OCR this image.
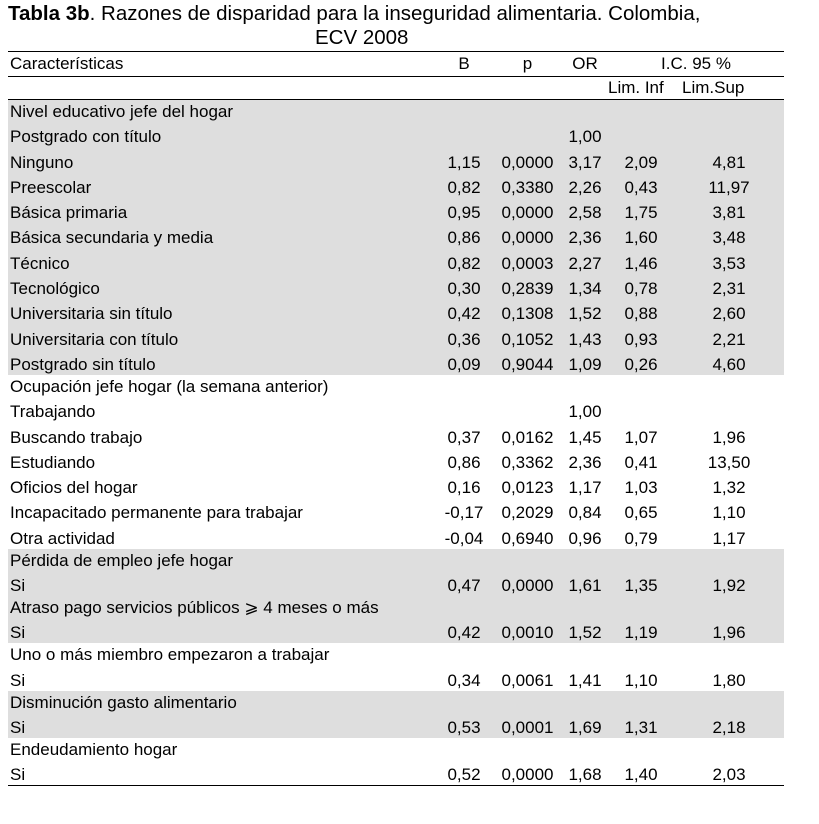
Tabla 3b. Razones de disparidad para la inseguridad alimentaria. Colombia,
ECV 2008
Características	B	p	OR	I.C. 95 %	
				Lim. Inf	Lim.Sup
Nivel educativo jefe del hogar					
Postgrado con título			1,00		
Ninguno	1,15	0,0000	3,17	2,09	4,81
Preescolar	0,82	0,3380	2,26	0,43	11,97
Básica primaria	0,95	0,0000	2,58	1,75	3,81
Básica secundaria y media	0,86	0,0000	2,36	1,60	3,48
Técnico	0,82	0,0003	2,27	1,46	3,53
Tecnológico	0,30	0,2839	1,34	0,78	2,31
Universitaria sin título	0,42	0,1308	1,52	0,88	2,60
Universitaria con título	0,36	0,1052	1,43	0,93	2,21
Postgrado sin título	0,09	0,9044	1,09	0,26	4,60
Ocupación jefe hogar (la semana anterior)					
Trabajando			1,00		
Buscando trabajo	0,37	0,0162	1,45	1,07	1,96
Estudiando	0,86	0,3362	2,36	0,41	13,50
Oficios del hogar	0,16	0,0123	1,17	1,03	1,32
Incapacitado permanente para trabajar	-0,17	0,2029	0,84	0,65	1,10
Otra actividad	-0,04	0,6940	0,96	0,79	1,17
Pérdida de empleo jefe hogar					
Si	0,47	0,0000	1,61	1,35	1,92
Atraso pago servicios públicos ⩾ 4 meses o más					
Si	0,42	0,0010	1,52	1,19	1,96
Uno o más miembro empezaron a trabajar					
Si	0,34	0,0061	1,41	1,10	1,80
Disminución gasto alimentario					
Si	0,53	0,0001	1,69	1,31	2,18
Endeudamiento hogar					
Si	0,52	0,0000	1,68	1,40	2,03
